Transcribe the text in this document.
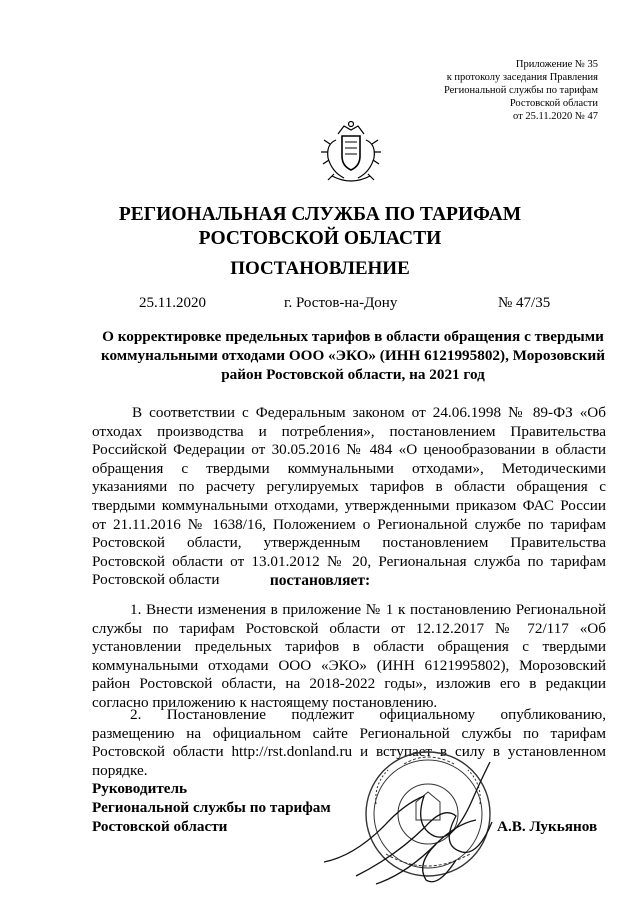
Приложение № 35
к протоколу заседания Правления
Региональной службы по тарифам
Ростовской области
от 25.11.2020 № 47
РЕГИОНАЛЬНАЯ СЛУЖБА ПО ТАРИФАМ
РОСТОВСКОЙ ОБЛАСТИ
ПОСТАНОВЛЕНИЕ
25.11.2020	г. Ростов-на-Дону	№ 47/35
О корректировке предельных тарифов в области обращения с твердыми
коммунальными отходами ООО «ЭКО» (ИНН 6121995802), Морозовский
район Ростовской области, на 2021 год
В соответствии с Федеральным законом от 24.06.1998 № 89-ФЗ «Об отходах производства и потребления», постановлением Правительства Российской Федерации от 30.05.2016 № 484 «О ценообразовании в области обращения с твердыми коммунальными отходами», Методическими указаниями по расчету регулируемых тарифов в области обращения с твердыми коммунальными отходами, утвержденными приказом ФАС России от 21.11.2016 № 1638/16, Положением о Региональной службе по тарифам Ростовской области, утвержденным постановлением Правительства Ростовской области от 13.01.2012 № 20, Региональная служба по тарифам Ростовской области	постановляет:
1. Внести изменения в приложение № 1 к постановлению Региональной службы по тарифам Ростовской области от 12.12.2017 № 72/117 «Об установлении предельных тарифов в области обращения с твердыми коммунальными отходами ООО «ЭКО» (ИНН 6121995802), Морозовский район Ростовской области, на 2018-2022 годы», изложив его в редакции согласно приложению к настоящему постановлению.
2. Постановление подлежит официальному опубликованию, размещению на официальном сайте Региональной службы по тарифам Ростовской области http://rst.donland.ru и вступает в силу в установленном порядке.
Руководитель
Региональной службы по тарифам
Ростовской области	А.В. Лукьянов
